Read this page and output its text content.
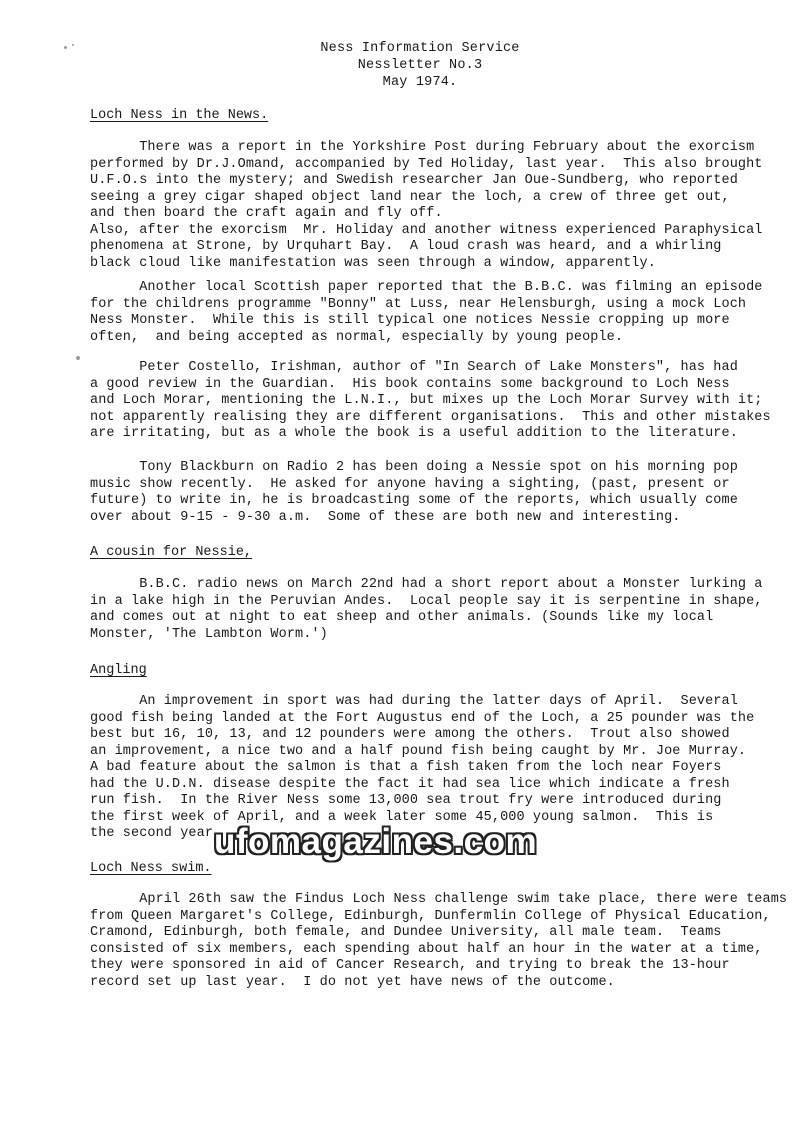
Ness Information Service
Nessletter No.3
May 1974.
Loch Ness in the News.
There was a report in the Yorkshire Post during February about the exorcism
performed by Dr.J.Omand, accompanied by Ted Holiday, last year.  This also brought
U.F.O.s into the mystery; and Swedish researcher Jan Oue-Sundberg, who reported
seeing a grey cigar shaped object land near the loch, a crew of three get out,
and then board the craft again and fly off.
Also, after the exorcism  Mr. Holiday and another witness experienced Paraphysical
phenomena at Strone, by Urquhart Bay.  A loud crash was heard, and a whirling
black cloud like manifestation was seen through a window, apparently.
Another local Scottish paper reported that the B.B.C. was filming an episode
for the childrens programme "Bonny" at Luss, near Helensburgh, using a mock Loch
Ness Monster.  While this is still typical one notices Nessie cropping up more
often,  and being accepted as normal, especially by young people.
Peter Costello, Irishman, author of "In Search of Lake Monsters", has had
a good review in the Guardian.  His book contains some background to Loch Ness
and Loch Morar, mentioning the L.N.I., but mixes up the Loch Morar Survey with it;
not apparently realising they are different organisations.  This and other mistakes
are irritating, but as a whole the book is a useful addition to the literature.
Tony Blackburn on Radio 2 has been doing a Nessie spot on his morning pop
music show recently.  He asked for anyone having a sighting, (past, present or
future) to write in, he is broadcasting some of the reports, which usually come
over about 9-15 - 9-30 a.m.  Some of these are both new and interesting.
A cousin for Nessie,
B.B.C. radio news on March 22nd had a short report about a Monster lurking a
in a lake high in the Peruvian Andes.  Local people say it is serpentine in shape,
and comes out at night to eat sheep and other animals. (Sounds like my local
Monster, 'The Lambton Worm.')
Angling
An improvement in sport was had during the latter days of April.  Several
good fish being landed at the Fort Augustus end of the Loch, a 25 pounder was the
best but 16, 10, 13, and 12 pounders were among the others.  Trout also showed
an improvement, a nice two and a half pound fish being caught by Mr. Joe Murray.
A bad feature about the salmon is that a fish taken from the loch near Foyers
had the U.D.N. disease despite the fact it had sea lice which indicate a fresh
run fish.  In the River Ness some 13,000 sea trout fry were introduced during
the first week of April, and a week later some 45,000 young salmon.  This is
the second year
Loch Ness swim.
April 26th saw the Findus Loch Ness challenge swim take place, there were teams
from Queen Margaret's College, Edinburgh, Dunfermlin College of Physical Education,
Cramond, Edinburgh, both female, and Dundee University, all male team.  Teams
consisted of six members, each spending about half an hour in the water at a time,
they were sponsored in aid of Cancer Research, and trying to break the 13-hour
record set up last year.  I do not yet have news of the outcome.
ufomagazines.com
